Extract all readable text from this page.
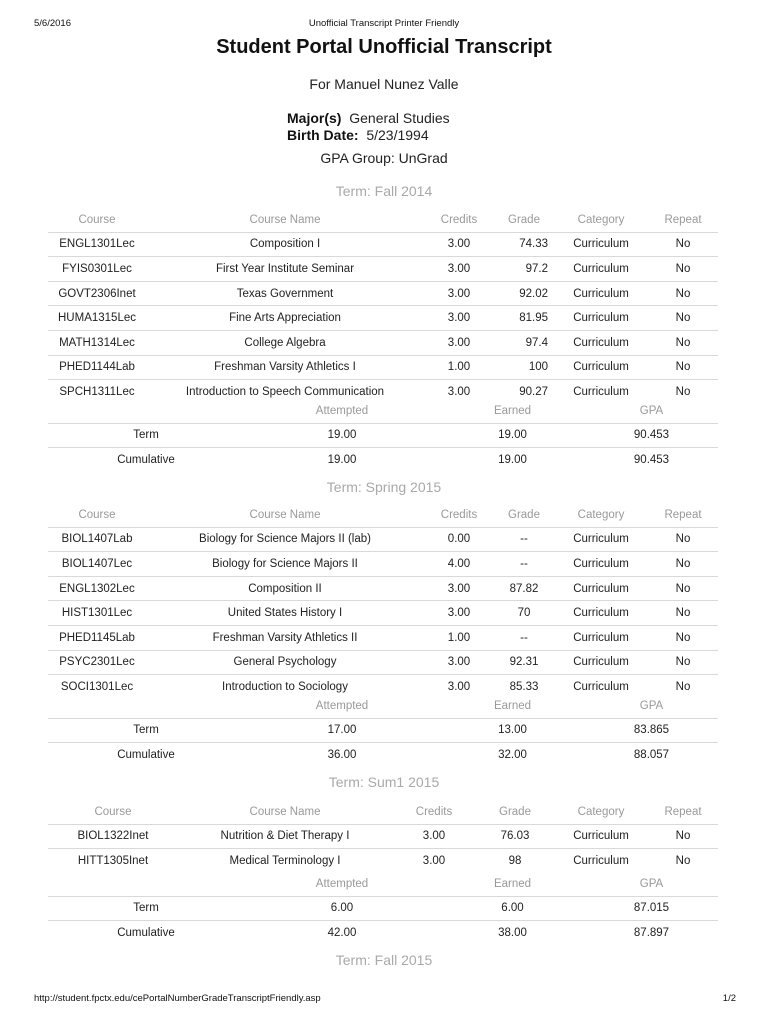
5/6/2016	Unofficial Transcript Printer Friendly
Student Portal Unofficial Transcript
For Manuel Nunez Valle
Major(s) General Studies
Birth Date: 5/23/1994
GPA Group: UnGrad
Term: Fall 2014
Course	Course Name	Credits	Grade	Category	Repeat
ENGL1301Lec	Composition I	3.00	74.33	Curriculum	No
FYIS0301Lec	First Year Institute Seminar	3.00	97.2	Curriculum	No
GOVT2306Inet	Texas Government	3.00	92.02	Curriculum	No
HUMA1315Lec	Fine Arts Appreciation	3.00	81.95	Curriculum	No
MATH1314Lec	College Algebra	3.00	97.4	Curriculum	No
PHED1144Lab	Freshman Varsity Athletics I	1.00	100	Curriculum	No
SPCH1311Lec	Introduction to Speech Communication	3.00	90.27	Curriculum	No
	Attempted	Earned	GPA
Term	19.00	19.00	90.453
Cumulative	19.00	19.00	90.453
Term: Spring 2015
Course	Course Name	Credits	Grade	Category	Repeat
BIOL1407Lab	Biology for Science Majors II (lab)	0.00	--	Curriculum	No
BIOL1407Lec	Biology for Science Majors II	4.00	--	Curriculum	No
ENGL1302Lec	Composition II	3.00	87.82	Curriculum	No
HIST1301Lec	United States History I	3.00	70	Curriculum	No
PHED1145Lab	Freshman Varsity Athletics II	1.00	--	Curriculum	No
PSYC2301Lec	General Psychology	3.00	92.31	Curriculum	No
SOCI1301Lec	Introduction to Sociology	3.00	85.33	Curriculum	No
	Attempted	Earned	GPA
Term	17.00	13.00	83.865
Cumulative	36.00	32.00	88.057
Term: Sum1 2015
Course	Course Name	Credits	Grade	Category	Repeat
BIOL1322Inet	Nutrition & Diet Therapy I	3.00	76.03	Curriculum	No
HITT1305Inet	Medical Terminology I	3.00	98	Curriculum	No
	Attempted	Earned	GPA
Term	6.00	6.00	87.015
Cumulative	42.00	38.00	87.897
Term: Fall 2015
http://student.fpctx.edu/cePortalNumberGradeTranscriptFriendly.asp	1/2
